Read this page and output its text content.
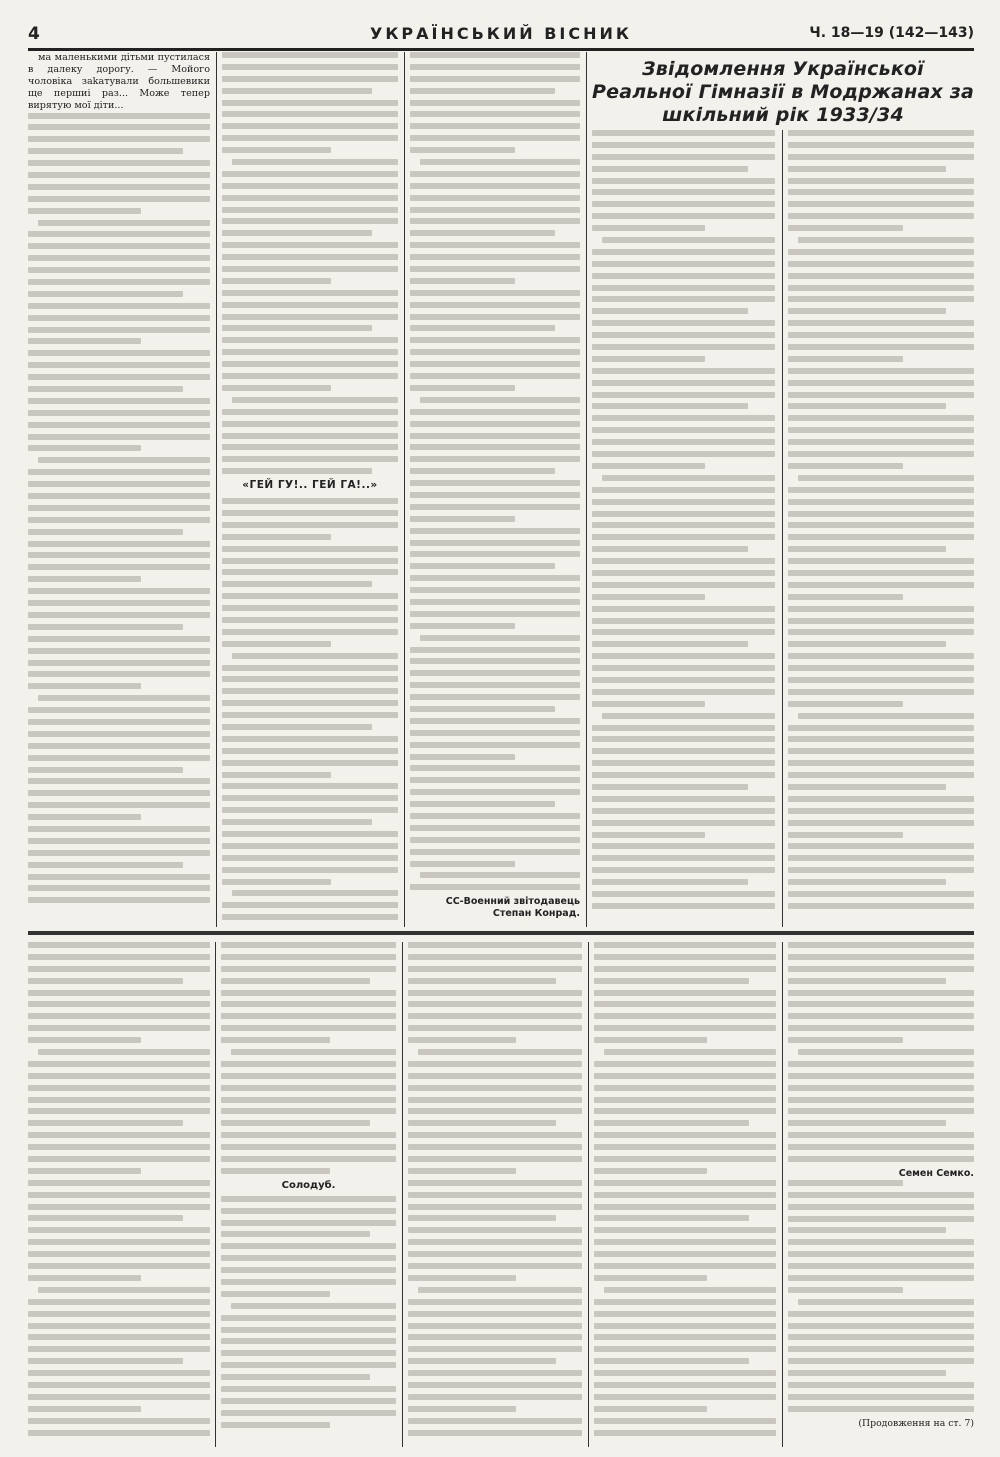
4	УКРАЇНСЬКИЙ ВІСНИК	Ч. 18—19 (142—143)

ма маленькими дітьми пустилася в далеку дорогу. — Мойого чоловіка заkатували большевики ще першиі раз... Може тепер вирятую мої діти...

«ГЕЙ ГУ!.. ГЕЙ ГА!..»
СС-Военний звітодавець
Степан Конрад.
Звідомлення Української Реальної Гімназії в Модржанах за шкільний рік 1933/34
Солодуб.
Семен Семко.
(Продовження на ст. 7)
